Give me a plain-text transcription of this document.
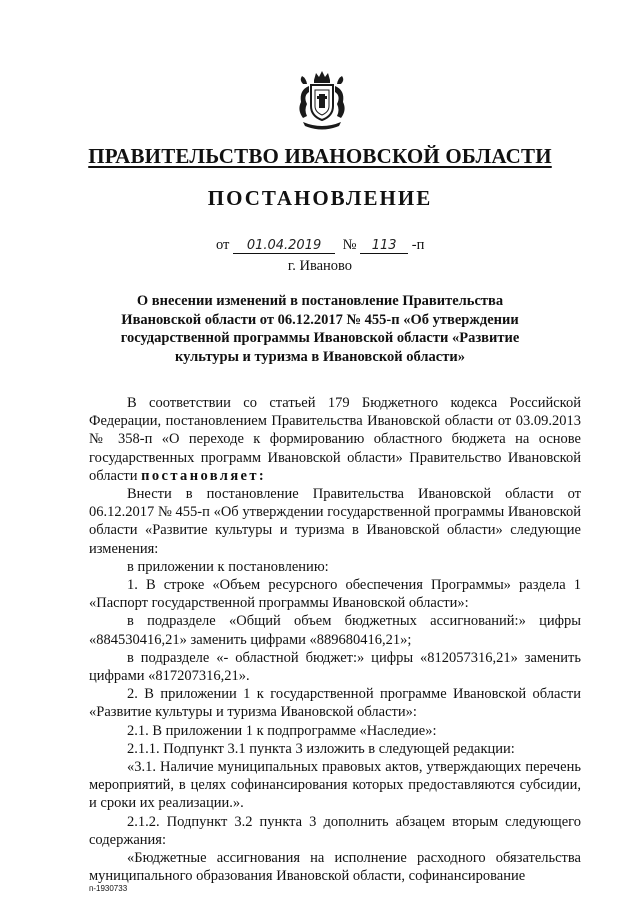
ПРАВИТЕЛЬСТВО ИВАНОВСКОЙ ОБЛАСТИ
ПОСТАНОВЛЕНИЕ
от 01.04.2019 № 113 -п
г. Иваново
О внесении изменений в постановление Правительства
Ивановской области от 06.12.2017 № 455-п «Об утверждении
государственной программы Ивановской области «Развитие
культуры и туризма в Ивановской области»

В соответствии со статьей 179 Бюджетного кодекса Российской Федерации, постановлением Правительства Ивановской области от 03.09.2013 № 358-п «О переходе к формированию областного бюджета на основе государственных программ Ивановской области» Правительство Ивановской области постановляет:

Внести в постановление Правительства Ивановской области от 06.12.2017 № 455-п «Об утверждении государственной программы Ивановской области «Развитие культуры и туризма в Ивановской области» следующие изменения:

в приложении к постановлению:

1. В строке «Объем ресурсного обеспечения Программы» раздела 1 «Паспорт государственной программы Ивановской области»:

в подразделе «Общий объем бюджетных ассигнований:» цифры «884530416,21» заменить цифрами «889680416,21»;

в подразделе «- областной бюджет:» цифры «812057316,21» заменить цифрами «817207316,21».

2. В приложении 1 к государственной программе Ивановской области «Развитие культуры и туризма Ивановской области»:

2.1. В приложении 1 к подпрограмме «Наследие»:

2.1.1. Подпункт 3.1 пункта 3 изложить в следующей редакции:

«3.1. Наличие муниципальных правовых актов, утверждающих перечень мероприятий, в целях софинансирования которых предоставляются субсидии, и сроки их реализации.».

2.1.2. Подпункт 3.2 пункта 3 дополнить абзацем вторым следующего содержания:

«Бюджетные ассигнования на исполнение расходного обязательства муниципального образования Ивановской области, софинансирование

п-1930733
